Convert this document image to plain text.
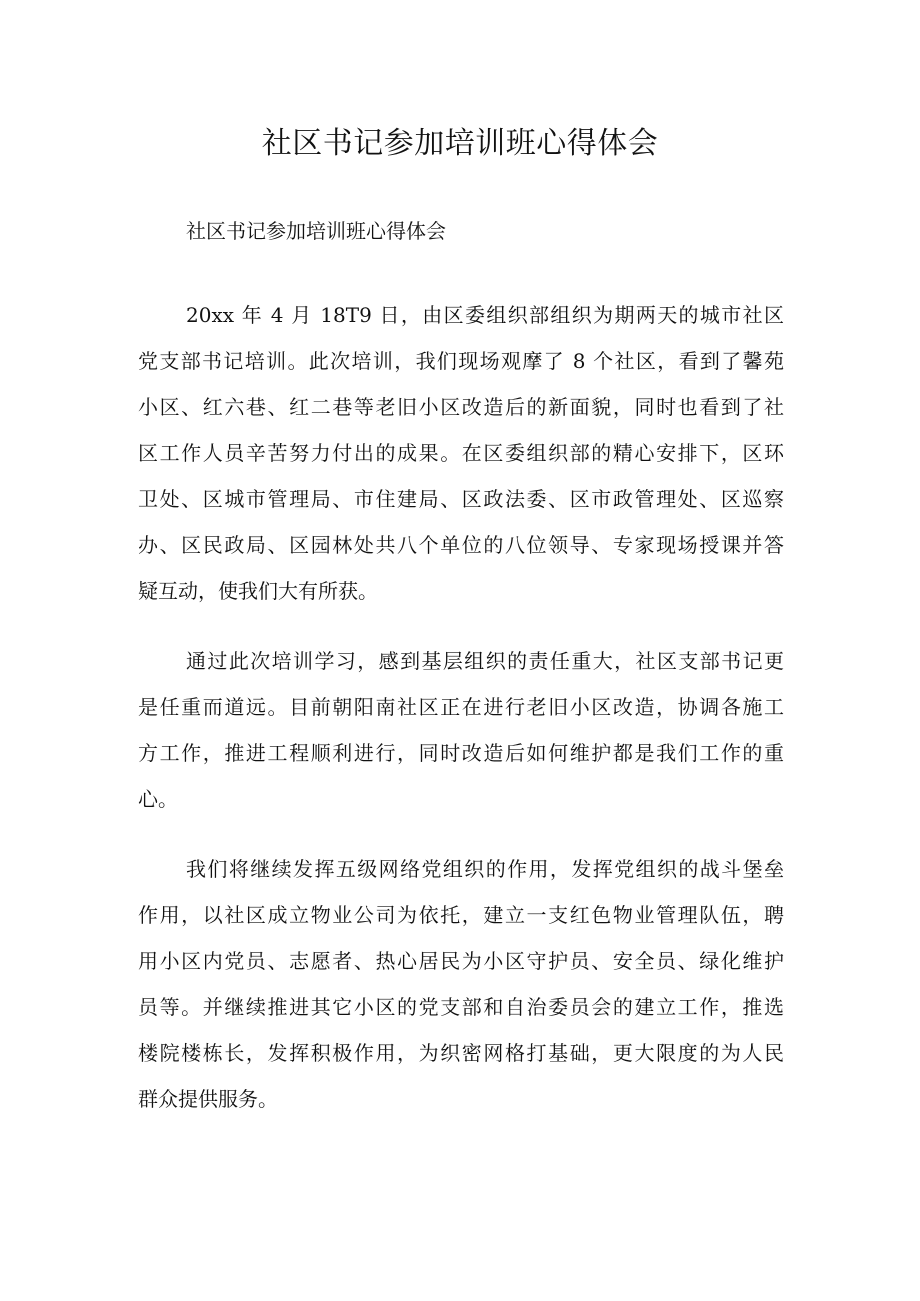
社区书记参加培训班心得体会
社区书记参加培训班心得体会
20xx 年 4 月 18T9 日，由区委组织部组织为期两天的城市社区
党支部书记培训。此次培训，我们现场观摩了 8 个社区，看到了馨苑
小区、红六巷、红二巷等老旧小区改造后的新面貌，同时也看到了社
区工作人员辛苦努力付出的成果。在区委组织部的精心安排下，区环
卫处、区城市管理局、市住建局、区政法委、区市政管理处、区巡察
办、区民政局、区园林处共八个单位的八位领导、专家现场授课并答
疑互动，使我们大有所获。
通过此次培训学习，感到基层组织的责任重大，社区支部书记更
是任重而道远。目前朝阳南社区正在进行老旧小区改造，协调各施工
方工作，推进工程顺利进行，同时改造后如何维护都是我们工作的重
心。
我们将继续发挥五级网络党组织的作用，发挥党组织的战斗堡垒
作用，以社区成立物业公司为依托，建立一支红色物业管理队伍，聘
用小区内党员、志愿者、热心居民为小区守护员、安全员、绿化维护
员等。并继续推进其它小区的党支部和自治委员会的建立工作，推选
楼院楼栋长，发挥积极作用，为织密网格打基础，更大限度的为人民
群众提供服务。
